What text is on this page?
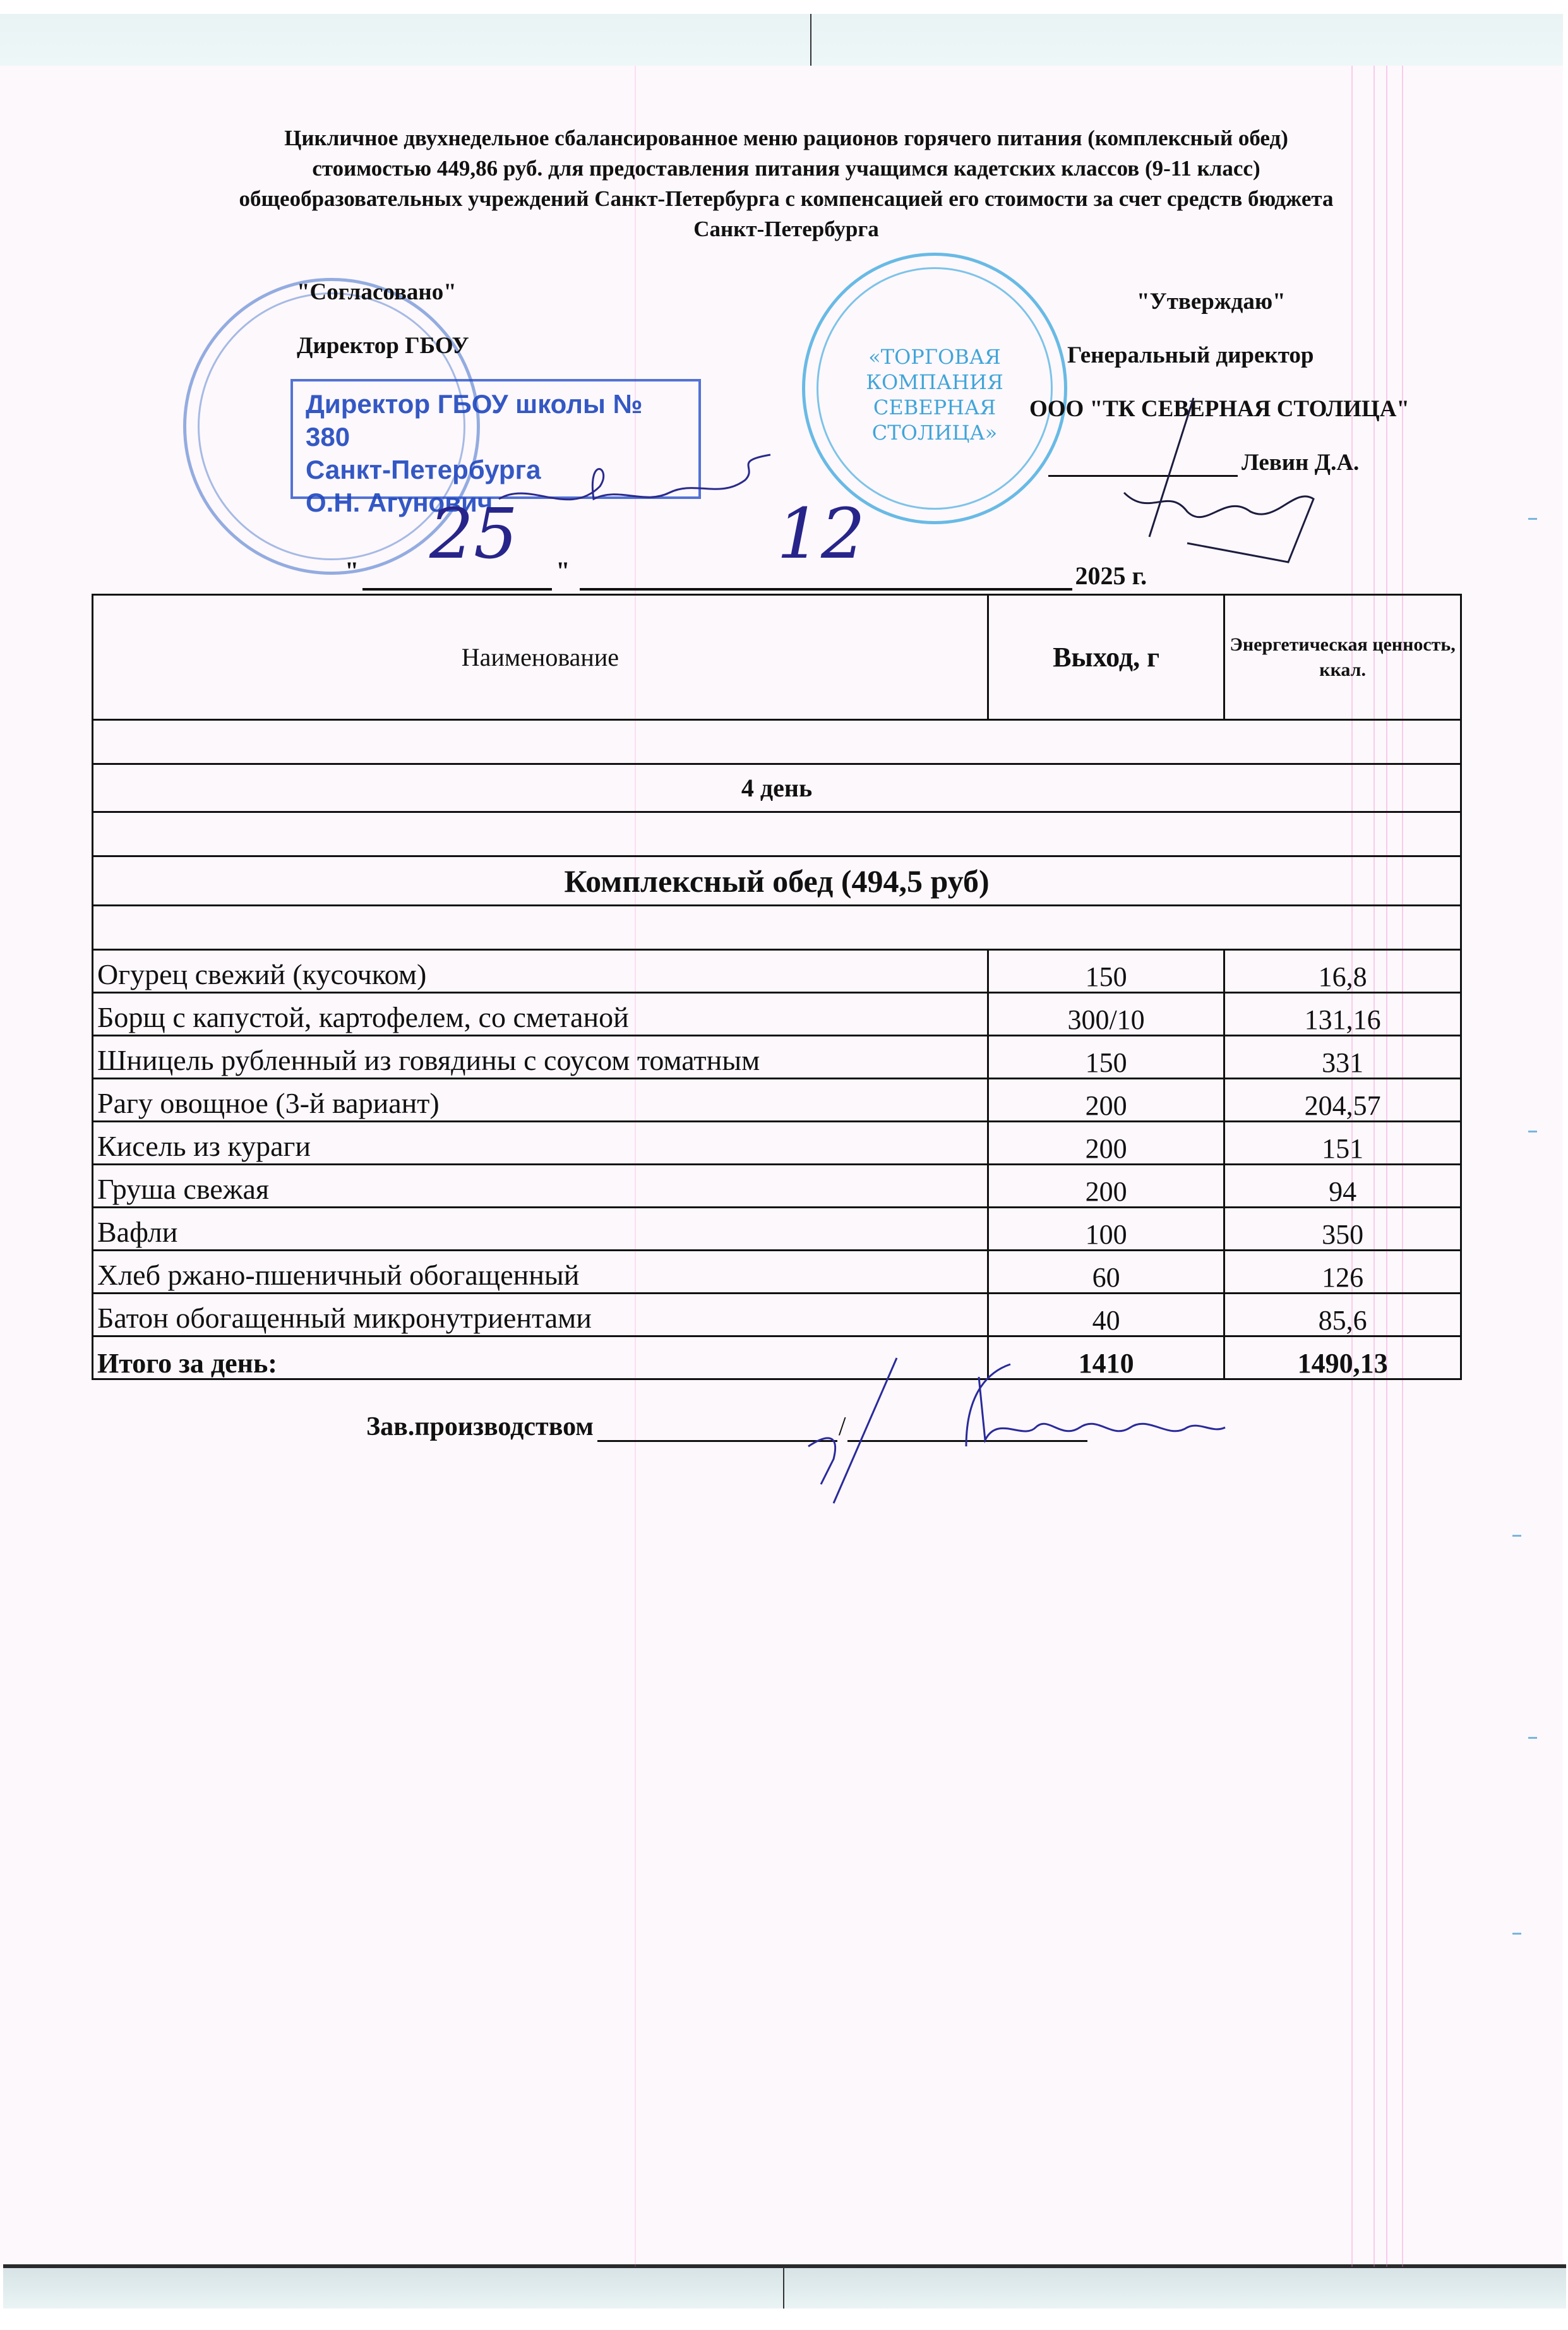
Цикличное двухнедельное сбалансированное меню рационов горячего питания (комплексный обед)
стоимостью 449,86 руб. для предоставления питания учащимся кадетских классов (9-11 класс)
общеобразовательных учреждений Санкт-Петербурга с компенсацией его стоимости за счет средств бюджета
Санкт-Петербурга
«ТОРГОВАЯ
КОМПАНИЯ
СЕВЕРНАЯ
СТОЛИЦА»
"Согласовано"
Директор ГБОУ
Директор ГБОУ школы № 380
Санкт-Петербурга
О.Н. Агунович
"Утверждаю"
Генеральный директор
ООО "ТК СЕВЕРНАЯ СТОЛИЦА"
Левин Д.А.
"	"	2025 г.
25	12
Наименование	Выход, г	Энергетическая ценность, ккал.

4 день		

Комплексный обед (494,5 руб)		

Огурец свежий (кусочком)	150	16,8
Борщ с капустой, картофелем, со сметаной	300/10	131,16
Шницель рубленный из говядины с соусом томатным	150	331
Рагу овощное (3-й вариант)	200	204,57
Кисель из кураги	200	151
Груша свежая	200	94
Вафли	100	350
Хлеб ржано-пшеничный обогащенный	60	126
Батон обогащенный микронутриентами	40	85,6
Итого за день:	1410	1490,13
Зав.производством	/
